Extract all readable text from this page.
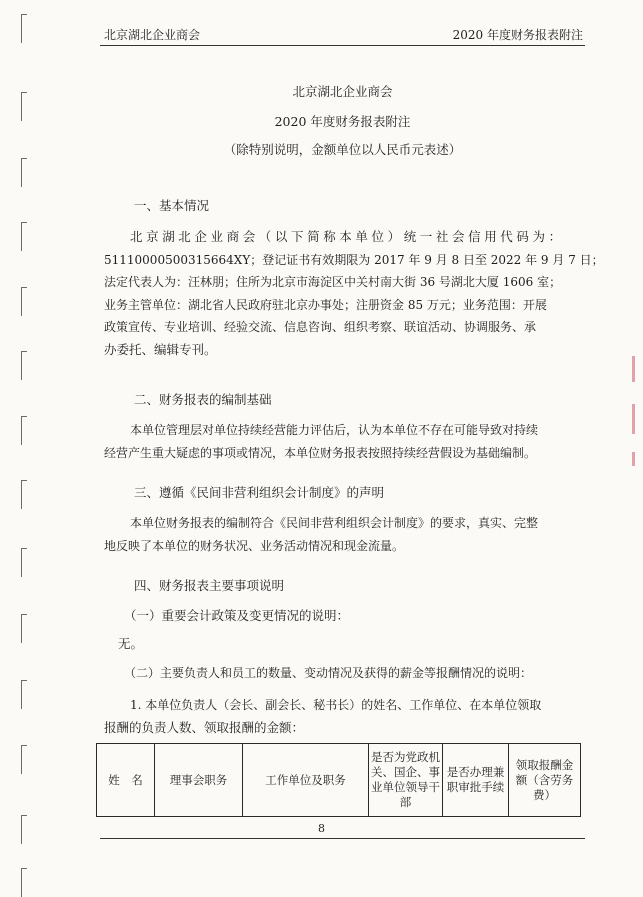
北京湖北企业商会	2020 年度财务报表附注
北京湖北企业商会
2020 年度财务报表附注
（除特别说明，金额单位以人民币元表述）
一、基本情况
北京湖北企业商会（以下简称本单位）统一社会信用代码为：
51110000500315664XY；登记证书有效期限为 2017 年 9 月 8 日至 2022 年 9 月 7 日；
法定代表人为：汪林朋；住所为北京市海淀区中关村南大街 36 号湖北大厦 1606 室；
业务主管单位：湖北省人民政府驻北京办事处；注册资金 85 万元；业务范围：开展
政策宣传、专业培训、经验交流、信息咨询、组织考察、联谊活动、协调服务、承
办委托、编辑专刊。
二、财务报表的编制基础
本单位管理层对单位持续经营能力评估后，认为本单位不存在可能导致对持续
经营产生重大疑虑的事项或情况，本单位财务报表按照持续经营假设为基础编制。
三、遵循《民间非营利组织会计制度》的声明
本单位财务报表的编制符合《民间非营利组织会计制度》的要求，真实、完整
地反映了本单位的财务状况、业务活动情况和现金流量。
四、财务报表主要事项说明
（一）重要会计政策及变更情况的说明：
无。
（二）主要负责人和员工的数量、变动情况及获得的薪金等报酬情况的说明：
1. 本单位负责人（会长、副会长、秘书长）的姓名、工作单位、在本单位领取
报酬的负责人数、领取报酬的金额：
姓　名	理事会职务	工作单位及职务	是否为党政机关、国企、事业单位领导干部	是否办理兼职审批手续	领取报酬金额（含劳务费）
8
